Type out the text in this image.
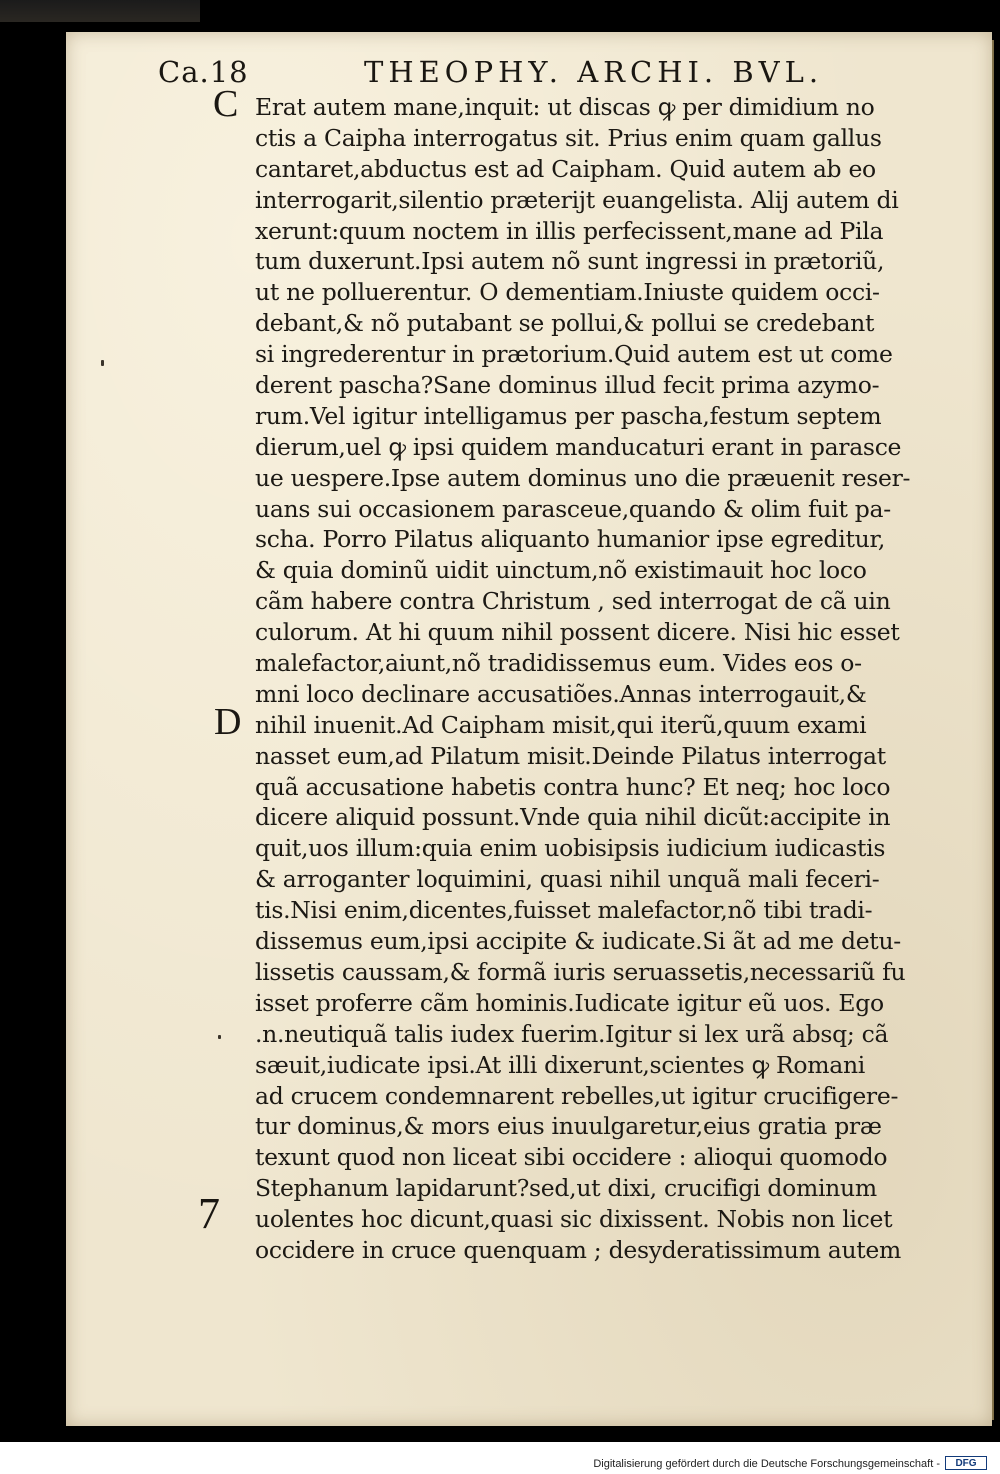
Ca.18	THEOPHY. ARCHI. BVL.
C
D
7
Erat autem mane,inquit: ut discas ꝙ per dimidium no
ctis a Caipha interrogatus sit. Prius enim quam gallus
cantaret,abductus est ad Caipham. Quid autem ab eo
interrogarit,silentio præterijt euangelista. Alij autem di
xerunt:quum noctem in illis perfecissent,mane ad Pila
tum duxerunt.Ipsi autem nõ sunt ingressi in prætoriũ,
ut ne polluerentur. O dementiam.Iniuste quidem occi-
debant,& nõ putabant se pollui,& pollui se credebant
si ingrederentur in prætorium.Quid autem est ut come
derent pascha?Sane dominus illud fecit prima azymo-
rum.Vel igitur intelligamus per pascha,festum septem
dierum,uel ꝙ ipsi quidem manducaturi erant in parasce
ue uespere.Ipse autem dominus uno die præuenit reser-
uans sui occasionem parasceue,quando & olim fuit pa-
scha. Porro Pilatus aliquanto humanior ipse egreditur,
& quia dominũ uidit uinctum,nõ existimauit hoc loco
cãm habere contra Christum , sed interrogat de cã uin
culorum. At hi quum nihil possent dicere. Nisi hic esset
malefactor,aiunt,nõ tradidissemus eum. Vides eos o-
mni loco declinare accusatiões.Annas interrogauit,&
nihil inuenit.Ad Caipham misit,qui iterũ,quum exami
nasset eum,ad Pilatum misit.Deinde Pilatus interrogat
quã accusatione habetis contra hunc? Et neq; hoc loco
dicere aliquid possunt.Vnde quia nihil dicũt:accipite in
quit,uos illum:quia enim uobisipsis iudicium iudicastis
& arroganter loquimini, quasi nihil unquã mali feceri-
tis.Nisi enim,dicentes,fuisset malefactor,nõ tibi tradi-
dissemus eum,ipsi accipite & iudicate.Si ãt ad me detu-
lissetis caussam,& formã iuris seruassetis,necessariũ fu
isset proferre cãm hominis.Iudicate igitur eũ uos. Ego
.n.neutiquã talis iudex fuerim.Igitur si lex urã absq; cã
sæuit,iudicate ipsi.At illi dixerunt,scientes ꝙ Romani
ad crucem condemnarent rebelles,ut igitur crucifigere-
tur dominus,& mors eius inuulgaretur,eius gratia præ
texunt quod non liceat sibi occidere : alioqui quomodo
Stephanum lapidarunt?sed,ut dixi, crucifigi dominum
uolentes hoc dicunt,quasi sic dixissent. Nobis non licet
occidere in cruce quenquam ; desyderatissimum autem
Digitalisierung gefördert durch die Deutsche Forschungsgemeinschaft -	DFG
